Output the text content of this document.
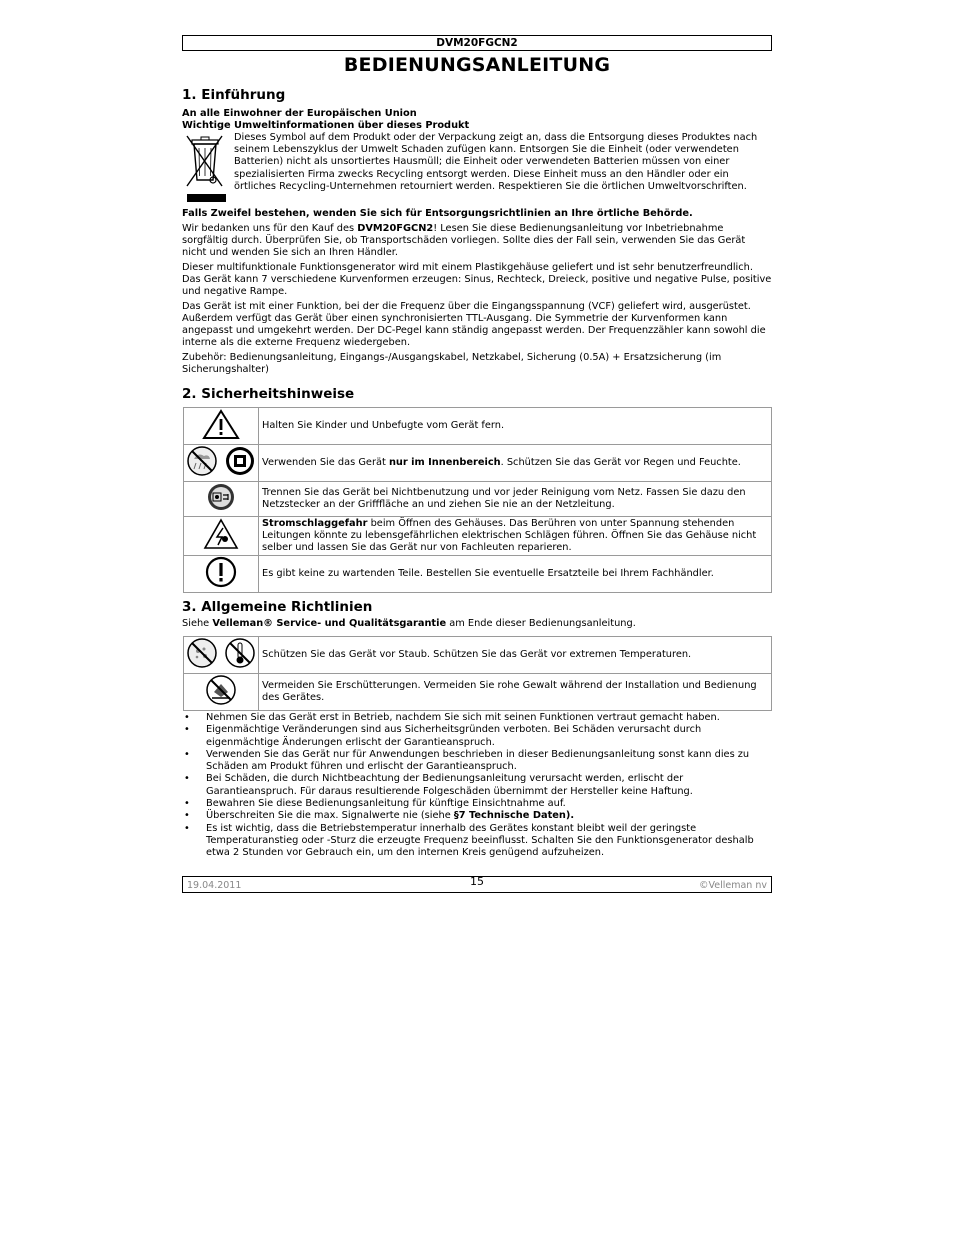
DVM20FGCN2
BEDIENUNGSANLEITUNG
1. Einführung

An alle Einwohner der Europäischen Union

Wichtige Umweltinformationen über dieses Produkt

Dieses Symbol auf dem Produkt oder der Verpackung zeigt an, dass die Entsorgung dieses Produktes nach seinem Lebenszyklus der Umwelt Schaden zufügen kann. Entsorgen Sie die Einheit (oder verwendeten Batterien) nicht als unsortiertes Hausmüll; die Einheit oder verwendeten Batterien müssen von einer spezialisierten Firma zwecks Recycling entsorgt werden. Diese Einheit muss an den Händler oder ein örtliches Recycling-Unternehmen retourniert werden. Respektieren Sie die örtlichen Umweltvorschriften.

Falls Zweifel bestehen, wenden Sie sich für Entsorgungsrichtlinien an Ihre örtliche Behörde.

Wir bedanken uns für den Kauf des DVM20FGCN2! Lesen Sie diese Bedienungsanleitung vor Inbetriebnahme sorgfältig durch. Überprüfen Sie, ob Transportschäden vorliegen. Sollte dies der Fall sein, verwenden Sie das Gerät nicht und wenden Sie sich an Ihren Händler.

Dieser multifunktionale Funktionsgenerator wird mit einem Plastikgehäuse geliefert und ist sehr benutzerfreundlich. Das Gerät kann 7 verschiedene Kurvenformen erzeugen: Sinus, Rechteck, Dreieck, positive und negative Pulse, positive und negative Rampe.

Das Gerät ist mit einer Funktion, bei der die Frequenz über die Eingangsspannung (VCF) geliefert wird, ausgerüstet. Außerdem verfügt das Gerät über einen synchronisierten TTL-Ausgang. Die Symmetrie der Kurvenformen kann angepasst und umgekehrt werden. Der DC-Pegel kann ständig angepasst werden. Der Frequenzzähler kann sowohl die interne als die externe Frequenz wiedergeben.

Zubehör: Bedienungsanleitung, Eingangs-/Ausgangskabel, Netzkabel, Sicherung (0.5A) + Ersatzsicherung (im Sicherungshalter)

2. Sicherheitshinweise
	Halten Sie Kinder und Unbefugte vom Gerät fern.
	Verwenden Sie das Gerät nur im Innenbereich. Schützen Sie das Gerät vor Regen und Feuchte.
	Trennen Sie das Gerät bei Nichtbenutzung und vor jeder Reinigung vom Netz. Fassen Sie dazu den Netzstecker an der Grifffläche an und ziehen Sie nie an der Netzleitung.
	Stromschlaggefahr beim Öffnen des Gehäuses. Das Berühren von unter Spannung stehenden Leitungen könnte zu lebensgefährlichen elektrischen Schlägen führen. Öffnen Sie das Gehäuse nicht selber und lassen Sie das Gerät nur von Fachleuten reparieren.
	Es gibt keine zu wartenden Teile. Bestellen Sie eventuelle Ersatzteile bei Ihrem Fachhändler.
3. Allgemeine Richtlinien

Siehe Velleman® Service- und Qualitätsgarantie am Ende dieser Bedienungsanleitung.

	Schützen Sie das Gerät vor Staub. Schützen Sie das Gerät vor extremen Temperaturen.
	Vermeiden Sie Erschütterungen. Vermeiden Sie rohe Gewalt während der Installation und Bedienung des Gerätes.
• Nehmen Sie das Gerät erst in Betrieb, nachdem Sie sich mit seinen Funktionen vertraut gemacht haben.
• Eigenmächtige Veränderungen sind aus Sicherheitsgründen verboten. Bei Schäden verursacht durch eigenmächtige Änderungen erlischt der Garantieanspruch.
• Verwenden Sie das Gerät nur für Anwendungen beschrieben in dieser Bedienungsanleitung sonst kann dies zu Schäden am Produkt führen und erlischt der Garantieanspruch.
• Bei Schäden, die durch Nichtbeachtung der Bedienungsanleitung verursacht werden, erlischt der Garantieanspruch. Für daraus resultierende Folgeschäden übernimmt der Hersteller keine Haftung.
• Bewahren Sie diese Bedienungsanleitung für künftige Einsichtnahme auf.
• Überschreiten Sie die max. Signalwerte nie (siehe §7 Technische Daten).
• Es ist wichtig, dass die Betriebstemperatur innerhalb des Gerätes konstant bleibt weil der geringste Temperaturanstieg oder -Sturz die erzeugte Frequenz beeinflusst. Schalten Sie den Funktionsgenerator deshalb etwa 2 Stunden vor Gebrauch ein, um den internen Kreis genügend aufzuheizen.
19.04.2011	15	©Velleman nv
